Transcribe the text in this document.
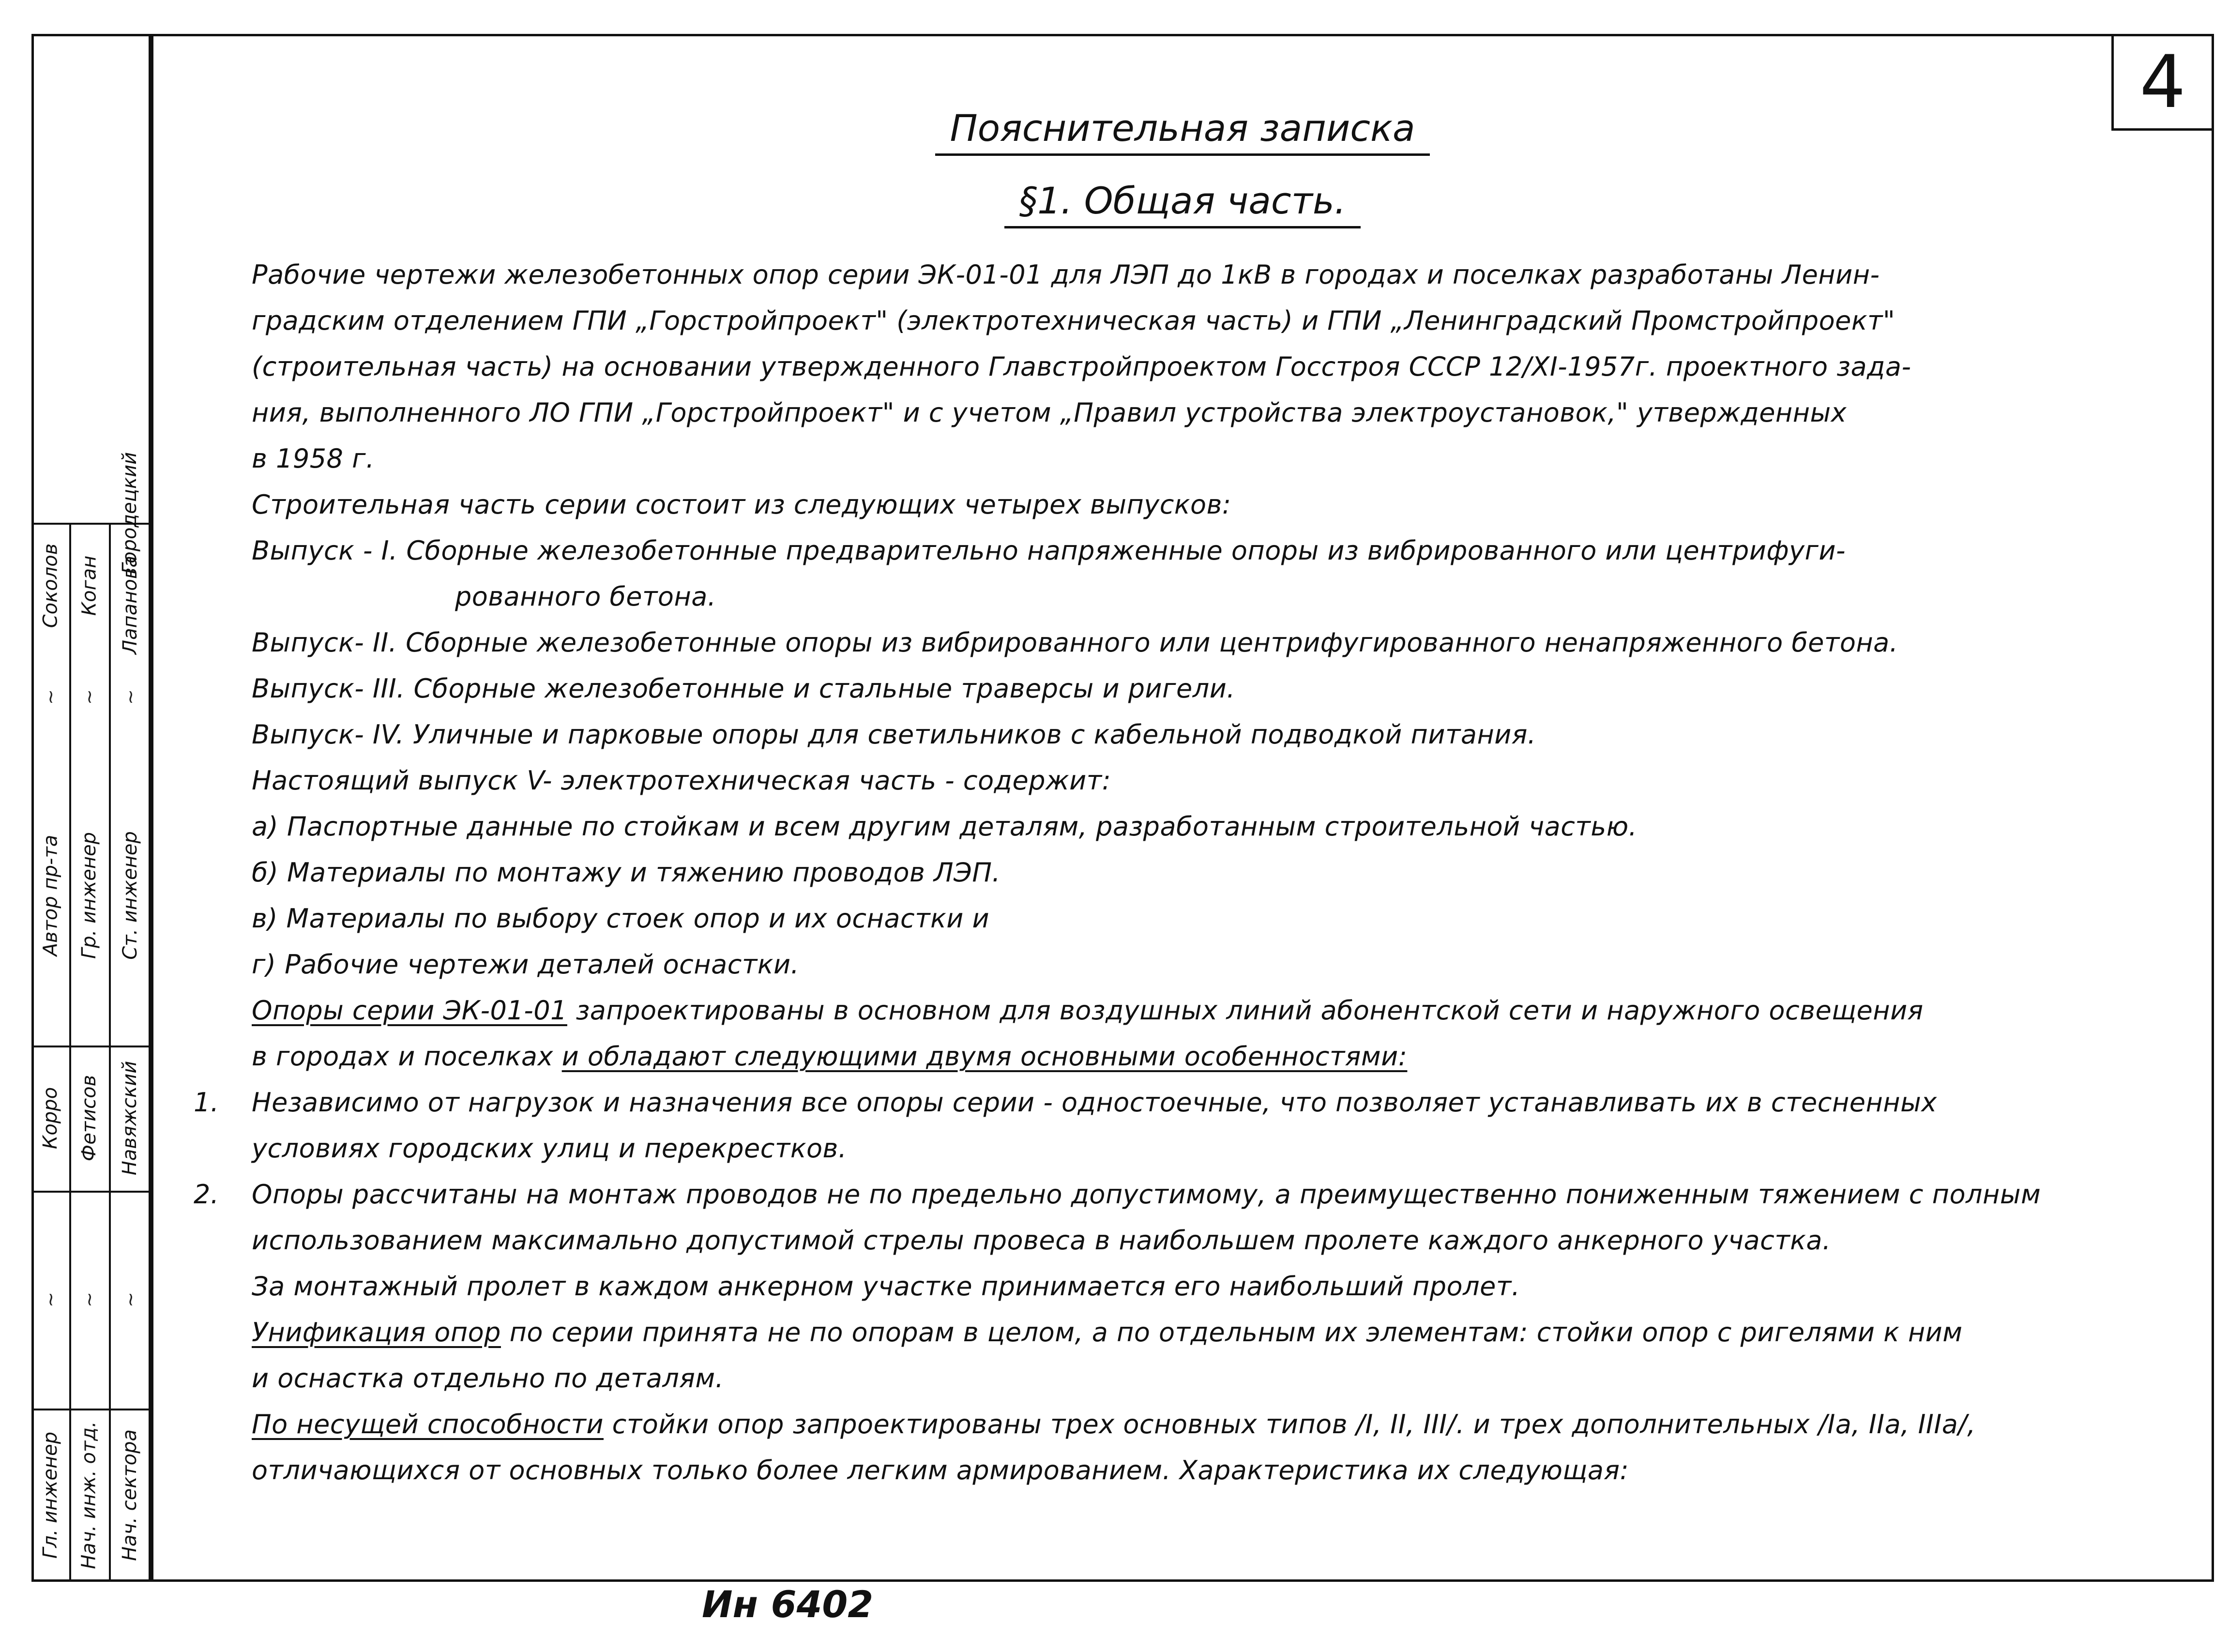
4
Соколов
~
Автор пр-та
Корро
~
Гл. инженер
Коган
~
Гр. инженер
Фетисов
~
Нач. инж. отд.
Городецкий
Лапанова
~
Ст. инженер
Навяжский
~
Нач. сектора
Пояснительная записка
§1. Общая часть.

Рабочие чертежи железобетонных опор серии ЭК-01-01 для ЛЭП до 1кВ в городах и поселках разработаны Ленин-

градским отделением ГПИ „Горстройпроект" (электротехническая часть) и ГПИ „Ленинградский Промстройпроект"

(строительная часть) на основании утвержденного Главстройпроектом Госстроя СССР 12/XI-1957г. проектного зада-

ния, выполненного ЛО ГПИ „Горстройпроект" и с учетом „Правил устройства электроустановок," утвержденных

в 1958 г.

Строительная часть серии состоит из следующих четырех выпусков:

Выпуск - I. Сборные железобетонные предварительно напряженные опоры из вибрированного или центрифуги-

рованного бетона.

Выпуск- II. Сборные железобетонные опоры из вибрированного или центрифугированного ненапряженного бетона.

Выпуск- III. Сборные железобетонные и стальные траверсы и ригели.

Выпуск- IV. Уличные и парковые опоры для светильников с кабельной подводкой питания.

Настоящий выпуск V- электротехническая часть - содержит:

а) Паспортные данные по стойкам и всем другим деталям, разработанным строительной частью.

б) Материалы по монтажу и тяжению проводов ЛЭП.

в) Материалы по выбору стоек опор и их оснастки и

г) Рабочие чертежи деталей оснастки.

Опоры серии ЭК-01-01 запроектированы в основном для воздушных линий абонентской сети и наружного освещения

в городах и поселках и обладают следующими двумя основными особенностями:

1. Независимо от нагрузок и назначения все опоры серии - одностоечные, что позволяет устанавливать их в стесненных

условиях городских улиц и перекрестков.

2. Опоры рассчитаны на монтаж проводов не по предельно допустимому, а преимущественно пониженным тяжением с полным

использованием максимально допустимой стрелы провеса в наибольшем пролете каждого анкерного участка.

За монтажный пролет в каждом анкерном участке принимается его наибольший пролет.

Унификация опор по серии принята не по опорам в целом, а по отдельным их элементам: стойки опор с ригелями к ним

и оснастка отдельно по деталям.

По несущей способности стойки опор запроектированы трех основных типов /I, II, III/. и трех дополнительных /Iа, IIа, IIIа/,

отличающихся от основных только более легким армированием. Характеристика их следующая:

Ин 6402
